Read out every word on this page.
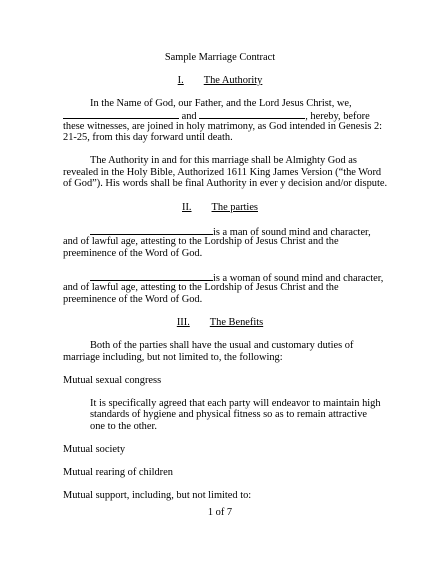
Sample Marriage Contract
I. The Authority
In the Name of God, our Father, and the Lord Jesus Christ, we,
and	, hereby, before
these witnesses, are joined in holy matrimony, as God intended in Genesis 2:
21-25, from this day forward until death.
The Authority in and for this marriage shall be Almighty God as
revealed in the Holy Bible, Authorized 1611 King James Version (“the Word
of God”). His words shall be final Authority in ever y decision and/or dispute.
II. The parties
is a man of sound mind and character,
and of lawful age, attesting to the Lordship of Jesus Christ and the
preeminence of the Word of God.
is a woman of sound mind and character,
and of lawful age, attesting to the Lordship of Jesus Christ and the
preeminence of the Word of God.
III. The Benefits
Both of the parties shall have the usual and customary duties of
marriage including, but not limited to, the following:
Mutual sexual congress
It is specifically agreed that each party will endeavor to maintain high
standards of hygiene and physical fitness so as to remain attractive
one to the other.
Mutual society
Mutual rearing of children
Mutual support, including, but not limited to:
1 of 7
